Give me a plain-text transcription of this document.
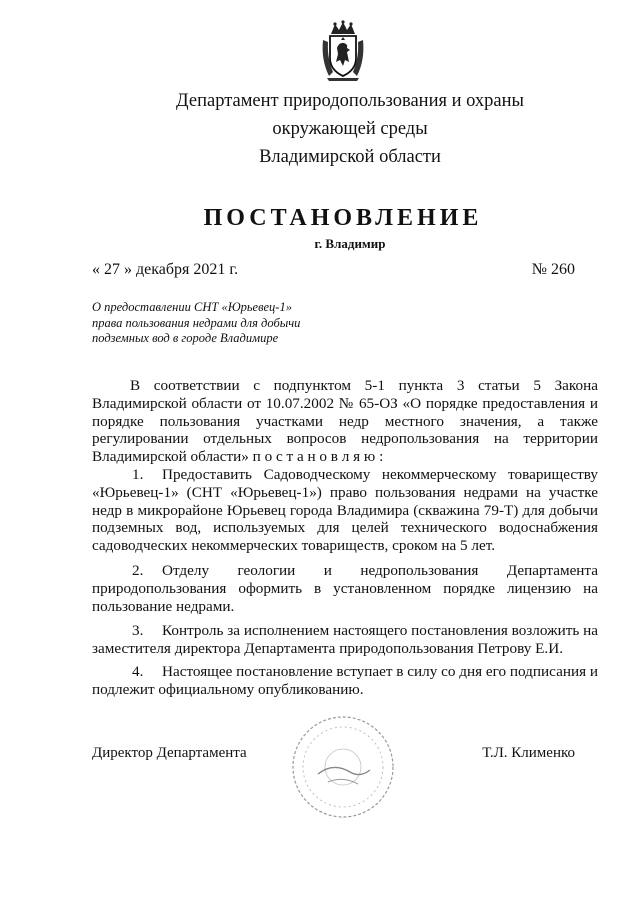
Департамент природопользования и охраны
окружающей среды
Владимирской области
ПОСТАНОВЛЕНИЕ
г. Владимир
« 27 » декабря 2021 г.	№ 260
О предоставлении СНТ «Юрьевец-1»
права пользования недрами для добычи
подземных вод в городе Владимире
В соответствии с подпунктом 5-1 пункта 3 статьи 5 Закона Владимирской области от 10.07.2002 № 65-ОЗ «О порядке предоставления и порядке пользования участками недр местного значения, а также регулировании отдельных вопросов недропользования на территории Владимирской области» п о с т а н о в л я ю :
1. Предоставить Садоводческому некоммерческому товариществу «Юрьевец-1» (СНТ «Юрьевец-1») право пользования недрами на участке недр в микрорайоне Юрьевец города Владимира (скважина 79-Т) для добычи подземных вод, используемых для целей технического водоснабжения садоводческих некоммерческих товариществ, сроком на 5 лет.
2. Отделу геологии и недропользования Департамента природопользования оформить в установленном порядке лицензию на пользование недрами.
3. Контроль за исполнением настоящего постановления возложить на заместителя директора Департамента природопользования Петрову Е.И.
4. Настоящее постановление вступает в силу со дня его подписания и подлежит официальному опубликованию.
Директор Департамента	Т.Л. Клименко
